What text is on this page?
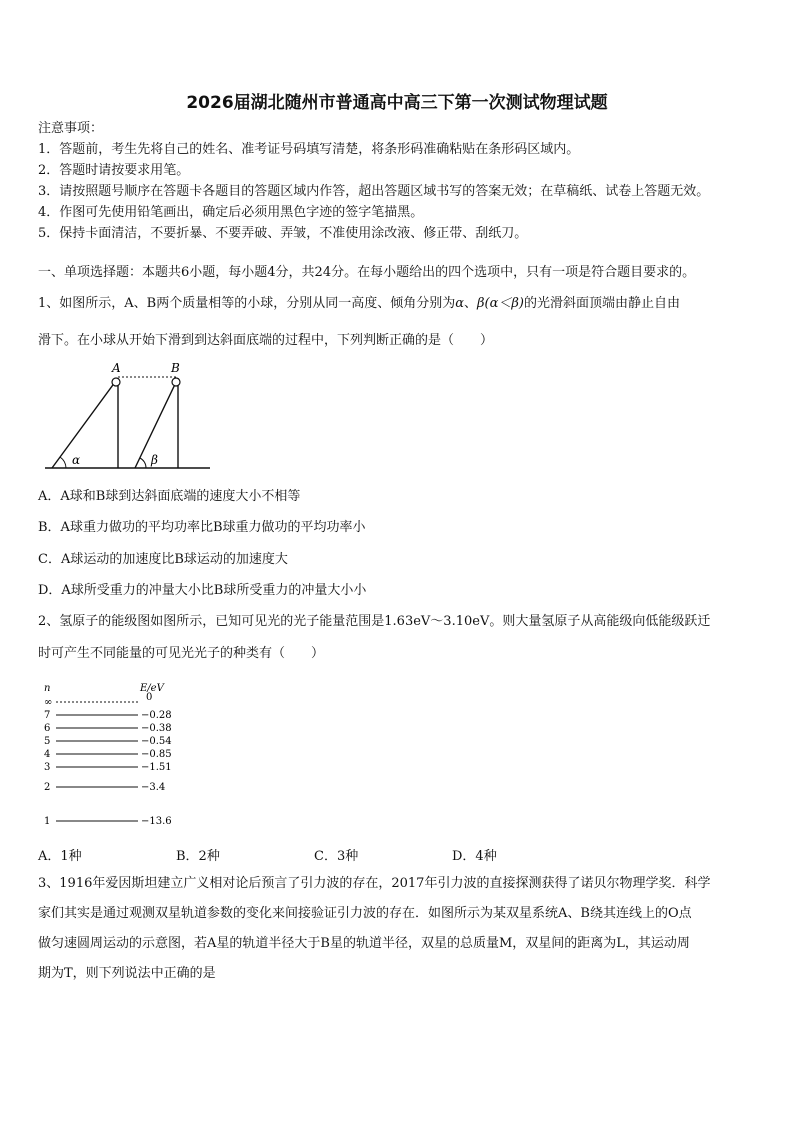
2026届湖北随州市普通高中高三下第一次测试物理试题
注意事项：
1．答题前，考生先将自己的姓名、准考证号码填写清楚，将条形码准确粘贴在条形码区域内。
2．答题时请按要求用笔。
3．请按照题号顺序在答题卡各题目的答题区域内作答，超出答题区域书写的答案无效；在草稿纸、试卷上答题无效。
4．作图可先使用铅笔画出，确定后必须用黑色字迹的签字笔描黑。
5．保持卡面清洁，不要折暴、不要弄破、弄皱，不准使用涂改液、修正带、刮纸刀。
一、单项选择题：本题共6小题，每小题4分，共24分。在每小题给出的四个选项中，只有一项是符合题目要求的。
1、如图所示，A、B两个质量相等的小球，分别从同一高度、倾角分别为α、β(α＜β)的光滑斜面顶端由静止自由
滑下。在小球从开始下滑到到达斜面底端的过程中，下列判断正确的是（　　）
A	B
α	β
A．A球和B球到达斜面底端的速度大小不相等
B．A球重力做功的平均功率比B球重力做功的平均功率小
C．A球运动的加速度比B球运动的加速度大
D．A球所受重力的冲量大小比B球所受重力的冲量大小小
2、氢原子的能级图如图所示，已知可见光的光子能量范围是1.63eV～3.10eV。则大量氢原子从高能级向低能级跃迁
时可产生不同能量的可见光光子的种类有（　　）
n	E/eV
∞	0
7	−0.28
6	−0.38
5	−0.54
4	−0.85
3	−1.51
2	−3.4
1	−13.6
A．1种	B．2种	C．3种	D．4种
3、1916年爱因斯坦建立广义相对论后预言了引力波的存在，2017年引力波的直接探测获得了诺贝尔物理学奖．科学
家们其实是通过观测双星轨道参数的变化来间接验证引力波的存在．如图所示为某双星系统A、B绕其连线上的O点
做匀速圆周运动的示意图，若A星的轨道半径大于B星的轨道半径，双星的总质量M，双星间的距离为L，其运动周
期为T，则下列说法中正确的是
